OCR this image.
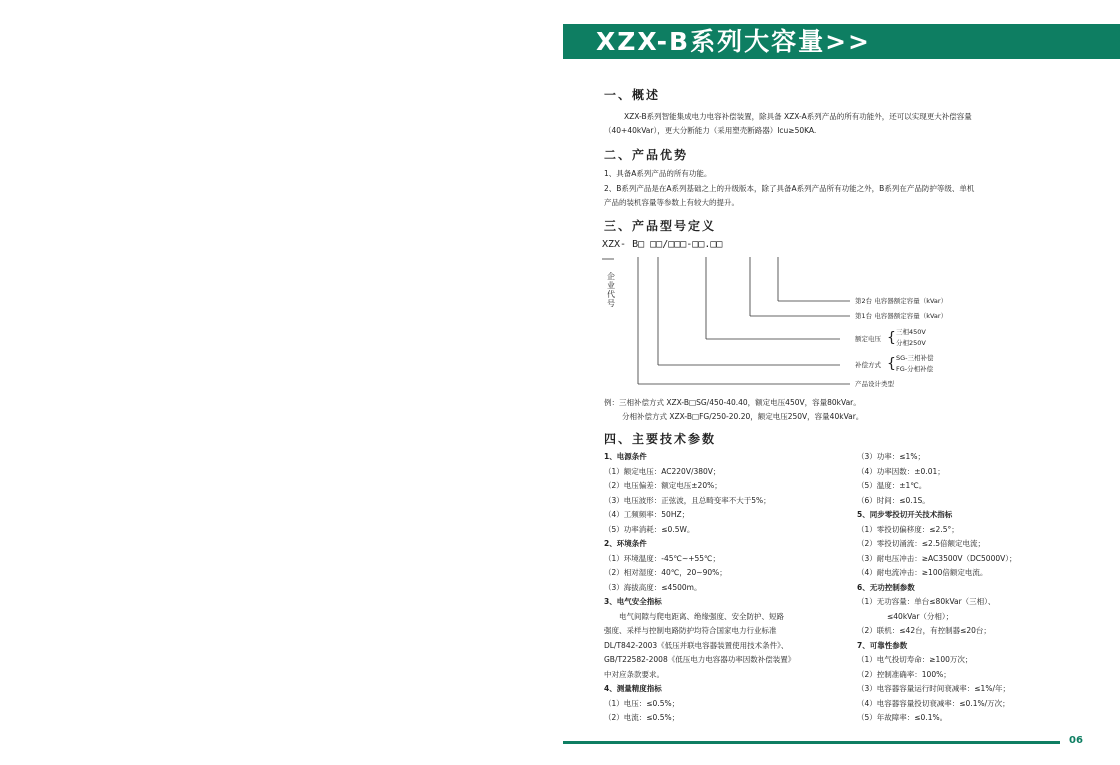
XZX-B系列大容量>>
一、概述
XZX-B系列智能集成电力电容补偿装置，除具备 XZX-A系列产品的所有功能外，还可以实现更大补偿容量
（40+40kVar），更大分断能力（采用塑壳断路器）Icu≥50KA.
二、产品优势
1、具备A系列产品的所有功能。
2、B系列产品是在A系列基础之上的升级版本，除了具备A系列产品所有功能之外，B系列在产品防护等级、单机
产品的装机容量等参数上有较大的提升。
三、产品型号定义
XZX- B□ □□/□□□-□□.□□
企业代号	第2台 电容器额定容量（kVar）
第1台 电容器额定容量（kVar）
额定电压 { 三相450V
分相250V
补偿方式 { SG-三相补偿
FG-分相补偿
产品设计类型
例：三相补偿方式 XZX-B□SG/450-40.40，额定电压450V，容量80kVar。
分相补偿方式 XZX-B□FG/250-20.20，额定电压250V，容量40kVar。
四、主要技术参数
1、电源条件
（1）额定电压：AC220V/380V；
（2）电压偏差：额定电压±20%；
（3）电压波形：正弦波，且总畸变率不大于5%；
（4）工频频率：50HZ；
（5）功率消耗：≤0.5W。
2、环境条件
（1）环境温度：-45℃~+55℃；
（2）相对湿度：40℃，20~90%；
（3）海拔高度：≤4500m。
3、电气安全指标
　　电气间隙与爬电距离、绝缘强度、安全防护、短路
强度、采样与控制电路防护均符合国家电力行业标准
DL/T842-2003《低压并联电容器装置使用技术条件》、
GB/T22582-2008《低压电力电容器功率因数补偿装置》
中对应条款要求。
4、测量精度指标
（1）电压：≤0.5%；
（2）电流：≤0.5%；
（3）功率：≤1%；
（4）功率因数：±0.01；
（5）温度：±1℃。
（6）时间：≤0.1S。
5、同步零投切开关技术指标
（1）零投切偏移度：≤2.5°；
（2）零投切涌流：≤2.5倍额定电流；
（3）耐电压冲击：≥AC3500V（DC5000V）；
（4）耐电流冲击：≥100倍额定电流。
6、无功控制参数
（1）无功容量：单台≤80kVar（三相）、
　　　　≤40kVar（分相）；
（2）联机：≤42台，有控制器≤20台；
7、可靠性参数
（1）电气投切寿命：≥100万次；
（2）控制准确率：100%；
（3）电容器容量运行时间衰减率：≤1%/年；
（4）电容器容量投切衰减率：≤0.1%/万次；
（5）年故障率：≤0.1%。
06
